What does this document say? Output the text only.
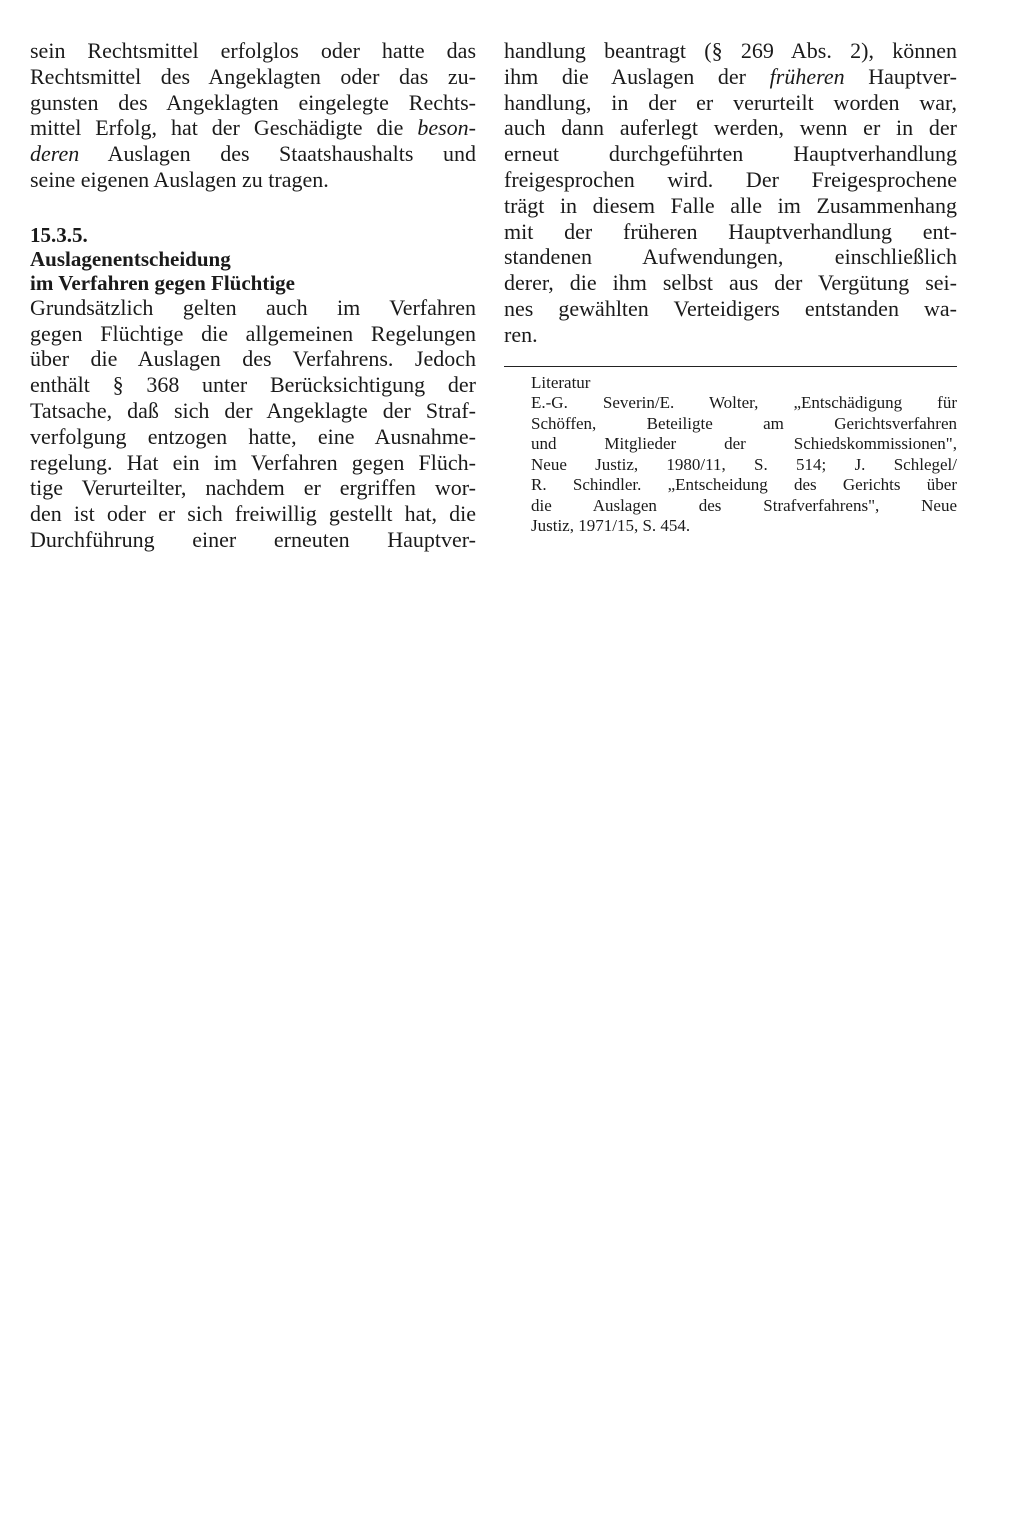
sein Rechtsmittel erfolglos oder hatte das
Rechtsmittel des Angeklagten oder das zu-
gunsten des Angeklagten eingelegte Rechts-
mittel Erfolg, hat der Geschädigte die beson-
deren Auslagen des Staatshaushalts und
seine eigenen Auslagen zu tragen.
15.3.5.
Auslagenentscheidung
im Verfahren gegen Flüchtige
Grundsätzlich gelten auch im Verfahren
gegen Flüchtige die allgemeinen Regelungen
über die Auslagen des Verfahrens. Jedoch
enthält § 368 unter Berücksichtigung der
Tatsache, daß sich der Angeklagte der Straf-
verfolgung entzogen hatte, eine Ausnahme-
regelung. Hat ein im Verfahren gegen Flüch-
tige Verurteilter, nachdem er ergriffen wor-
den ist oder er sich freiwillig gestellt hat, die
Durchführung einer erneuten Hauptver-
handlung beantragt (§ 269 Abs. 2), können
ihm die Auslagen der früheren Hauptver-
handlung, in der er verurteilt worden war,
auch dann auferlegt werden, wenn er in der
erneut durchgeführten Hauptverhandlung
freigesprochen wird. Der Freigesprochene
trägt in diesem Falle alle im Zusammenhang
mit der früheren Hauptverhandlung ent-
standenen Aufwendungen, einschließlich
derer, die ihm selbst aus der Vergütung sei-
nes gewählten Verteidigers entstanden wa-
ren.
Literatur
E.-G. Severin/E. Wolter, „Entschädigung für
Schöffen, Beteiligte am Gerichtsverfahren
und Mitglieder der Schiedskommissionen",
Neue Justiz, 1980/11, S. 514; J. Schlegel/
R. Schindler. „Entscheidung des Gerichts über
die Auslagen des Strafverfahrens", Neue
Justiz, 1971/15, S. 454.
